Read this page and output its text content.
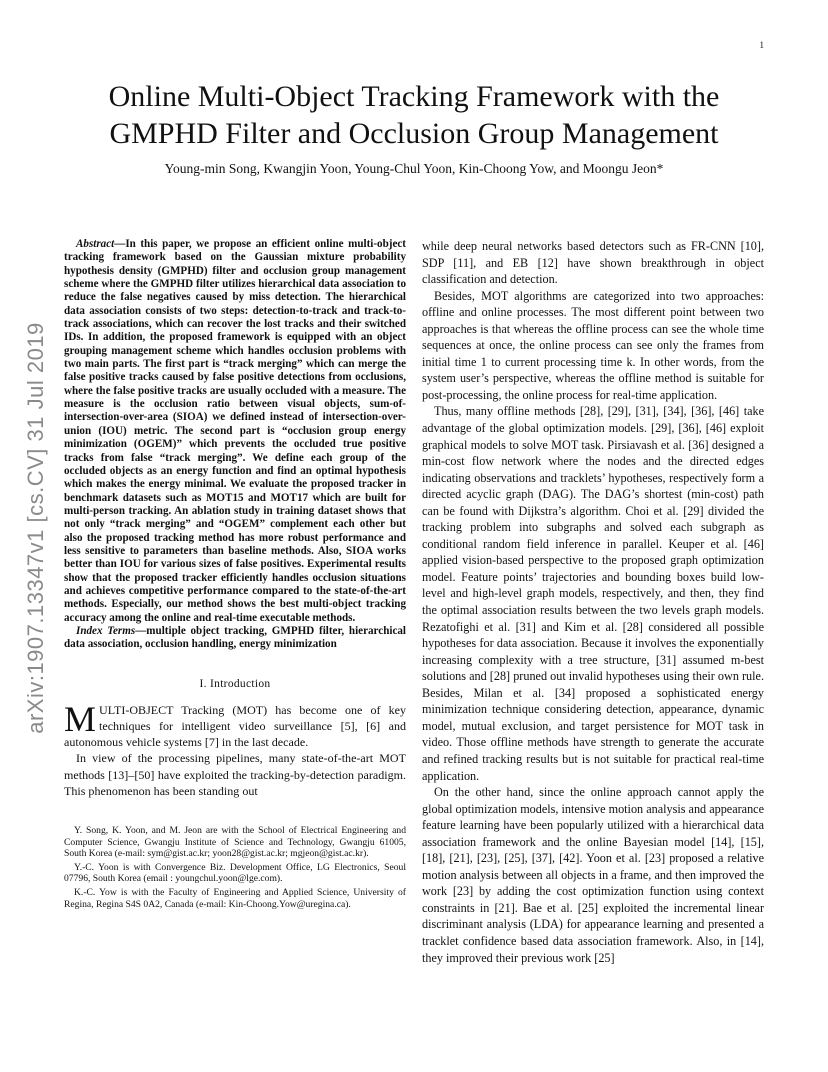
1
arXiv:1907.13347v1 [cs.CV] 31 Jul 2019
Online Multi-Object Tracking Framework with the
GMPHD Filter and Occlusion Group Management
Young-min Song, Kwangjin Yoon, Young-Chul Yoon, Kin-Choong Yow, and Moongu Jeon*

Abstract—In this paper, we propose an efficient online multi-object tracking framework based on the Gaussian mixture probability hypothesis density (GMPHD) filter and occlusion group management scheme where the GMPHD filter utilizes hierarchical data association to reduce the false negatives caused by miss detection. The hierarchical data association consists of two steps: detection-to-track and track-to-track associations, which can recover the lost tracks and their switched IDs. In addition, the proposed framework is equipped with an object grouping management scheme which handles occlusion problems with two main parts. The first part is “track merging” which can merge the false positive tracks caused by false positive detections from occlusions, where the false positive tracks are usually occluded with a measure. The measure is the occlusion ratio between visual objects, sum-of-intersection-over-area (SIOA) we defined instead of intersection-over-union (IOU) metric. The second part is “occlusion group energy minimization (OGEM)” which prevents the occluded true positive tracks from false “track merging”. We define each group of the occluded objects as an energy function and find an optimal hypothesis which makes the energy minimal. We evaluate the proposed tracker in benchmark datasets such as MOT15 and MOT17 which are built for multi-person tracking. An ablation study in training dataset shows that not only “track merging” and “OGEM” complement each other but also the proposed tracking method has more robust performance and less sensitive to parameters than baseline methods. Also, SIOA works better than IOU for various sizes of false positives. Experimental results show that the proposed tracker efficiently handles occlusion situations and achieves competitive performance compared to the state-of-the-art methods. Especially, our method shows the best multi-object tracking accuracy among the online and real-time executable methods.

Index Terms—multiple object tracking, GMPHD filter, hierarchical data association, occlusion handling, energy minimization

I. Introduction

MULTI-OBJECT Tracking (MOT) has become one of key techniques for intelligent video surveillance [5], [6] and autonomous vehicle systems [7] in the last decade.

In view of the processing pipelines, many state-of-the-art MOT methods [13]–[50] have exploited the tracking-by-detection paradigm. This phenomenon has been standing out

Y. Song, K. Yoon, and M. Jeon are with the School of Electrical Engineering and Computer Science, Gwangju Institute of Science and Technology, Gwangju 61005, South Korea (e-mail: sym@gist.ac.kr; yoon28@gist.ac.kr; mgjeon@gist.ac.kr).

Y.-C. Yoon is with Convergence Biz. Development Office, LG Electronics, Seoul 07796, South Korea (email : youngchul.yoon@lge.com).

K.-C. Yow is with the Faculty of Engineering and Applied Science, University of Regina, Regina S4S 0A2, Canada (e-mail: Kin-Choong.Yow@uregina.ca).

while deep neural networks based detectors such as FR-CNN [10], SDP [11], and EB [12] have shown breakthrough in object classification and detection.

Besides, MOT algorithms are categorized into two approaches: offline and online processes. The most different point between two approaches is that whereas the offline process can see the whole time sequences at once, the online process can see only the frames from initial time 1 to current processing time k. In other words, from the system user’s perspective, whereas the offline method is suitable for post-processing, the online process for real-time application.

Thus, many offline methods [28], [29], [31], [34], [36], [46] take advantage of the global optimization models. [29], [36], [46] exploit graphical models to solve MOT task. Pirsiavash et al. [36] designed a min-cost flow network where the nodes and the directed edges indicating observations and tracklets’ hypotheses, respectively form a directed acyclic graph (DAG). The DAG’s shortest (min-cost) path can be found with Dijkstra’s algorithm. Choi et al. [29] divided the tracking problem into subgraphs and solved each subgraph as conditional random field inference in parallel. Keuper et al. [46] applied vision-based perspective to the proposed graph optimization model. Feature points’ trajectories and bounding boxes build low-level and high-level graph models, respectively, and then, they find the optimal association results between the two levels graph models. Rezatofighi et al. [31] and Kim et al. [28] considered all possible hypotheses for data association. Because it involves the exponentially increasing complexity with a tree structure, [31] assumed m-best solutions and [28] pruned out invalid hypotheses using their own rule. Besides, Milan et al. [34] proposed a sophisticated energy minimization technique considering detection, appearance, dynamic model, mutual exclusion, and target persistence for MOT task in video. Those offline methods have strength to generate the accurate and refined tracking results but is not suitable for practical real-time application.

On the other hand, since the online approach cannot apply the global optimization models, intensive motion analysis and appearance feature learning have been popularly utilized with a hierarchical data association framework and the online Bayesian model [14], [15], [18], [21], [23], [25], [37], [42]. Yoon et al. [23] proposed a relative motion analysis between all objects in a frame, and then improved the work [23] by adding the cost optimization function using context constraints in [21]. Bae et al. [25] exploited the incremental linear discriminant analysis (LDA) for appearance learning and presented a tracklet confidence based data association framework. Also, in [14], they improved their previous work [25]
